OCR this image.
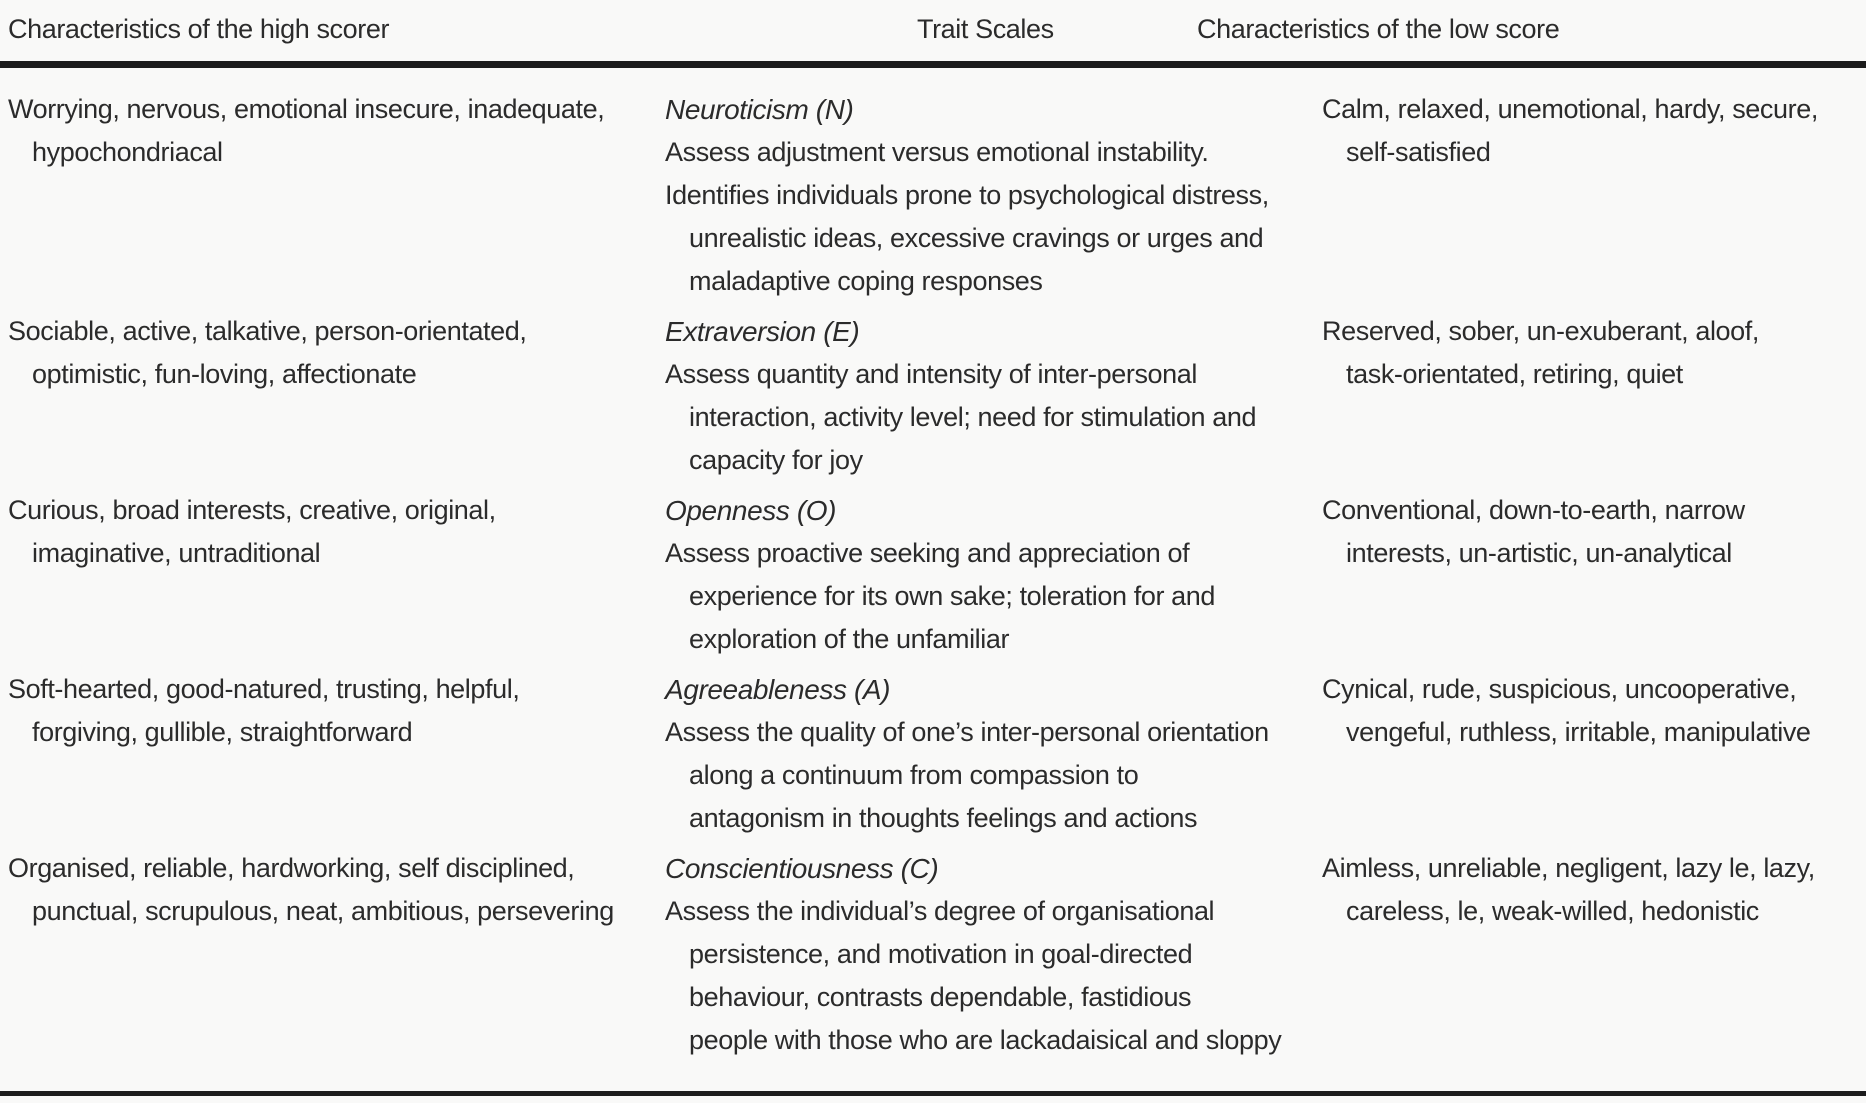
Characteristics of the high scorer	Trait Scales	Characteristics of the low score
Worrying, nervous, emotional insecure, inadequate,
hypochondriacal
Neuroticism (N)
Assess adjustment versus emotional instability.
Identifies individuals prone to psychological distress,
unrealistic ideas, excessive cravings or urges and
maladaptive coping responses
Calm, relaxed, unemotional, hardy, secure,
self-satisfied
Sociable, active, talkative, person-orientated,
optimistic, fun-loving, affectionate
Extraversion (E)
Assess quantity and intensity of inter-personal
interaction, activity level; need for stimulation and
capacity for joy
Reserved, sober, un-exuberant, aloof,
task-orientated, retiring, quiet
Curious, broad interests, creative, original,
imaginative, untraditional
Openness (O)
Assess proactive seeking and appreciation of
experience for its own sake; toleration for and
exploration of the unfamiliar
Conventional, down-to-earth, narrow
interests, un-artistic, un-analytical
Soft-hearted, good-natured, trusting, helpful,
forgiving, gullible, straightforward
Agreeableness (A)
Assess the quality of one’s inter-personal orientation
along a continuum from compassion to
antagonism in thoughts feelings and actions
Cynical, rude, suspicious, uncooperative,
vengeful, ruthless, irritable, manipulative
Organised, reliable, hardworking, self disciplined,
punctual, scrupulous, neat, ambitious, persevering
Conscientiousness (C)
Assess the individual’s degree of organisational
persistence, and motivation in goal-directed
behaviour, contrasts dependable, fastidious
people with those who are lackadaisical and sloppy
Aimless, unreliable, negligent, lazy le, lazy,
careless, le, weak-willed, hedonistic
